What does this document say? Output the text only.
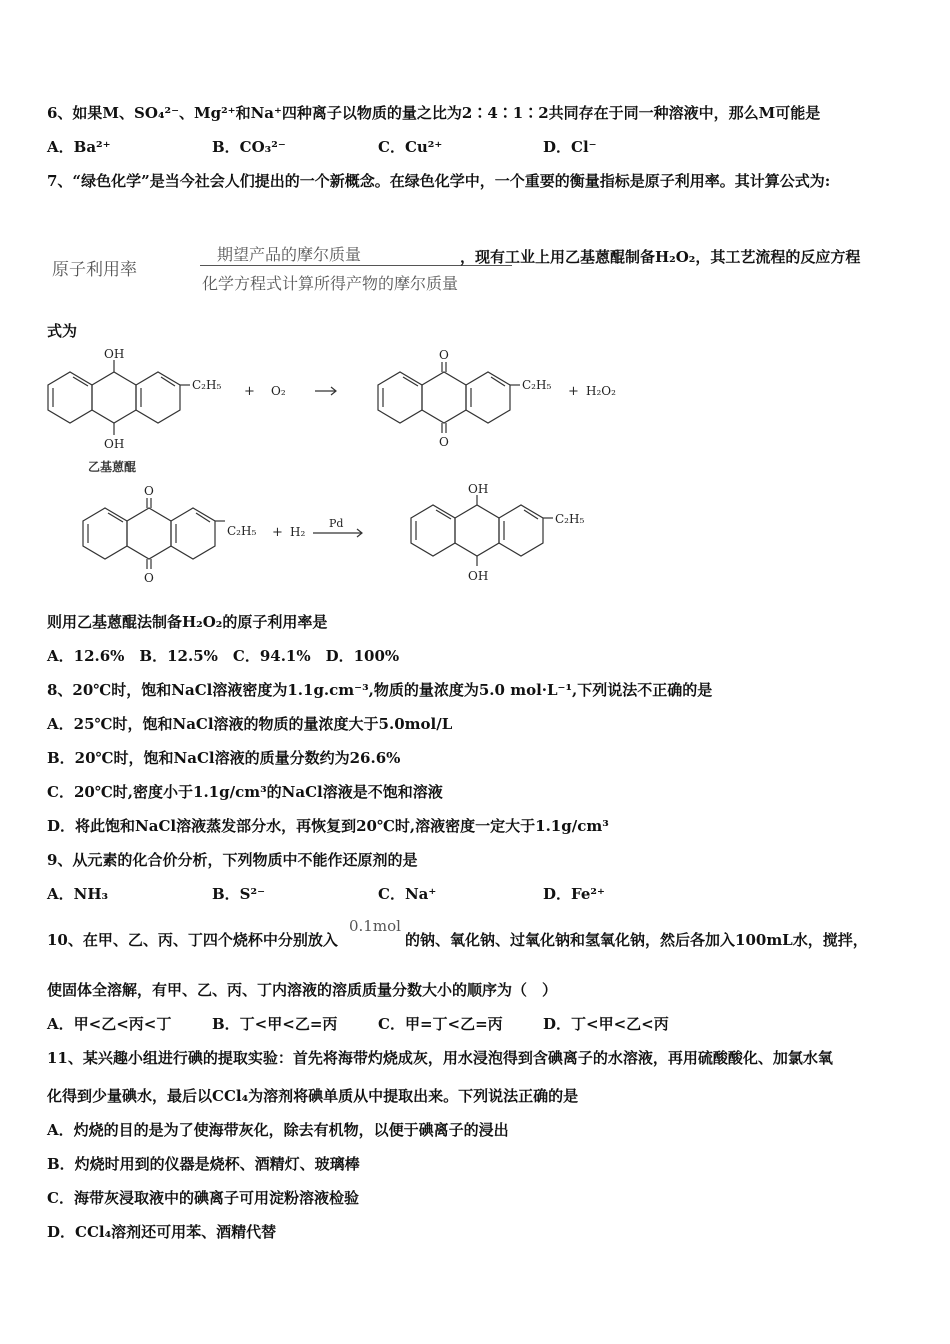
6、如果M、SO₄²⁻、Mg²⁺和Na⁺四种离子以物质的量之比为2∶4∶1∶2共同存在于同一种溶液中，那么M可能是
A．Ba²⁺	B．CO₃²⁻	C．Cu²⁺	D．Cl⁻
7、“绿色化学”是当今社会人们提出的一个新概念。在绿色化学中，一个重要的衡量指标是原子利用率。其计算公式为:
原子利用率
期望产品的摩尔质量
化学方程式计算所得产物的摩尔质量
，现有工业上用乙基蒽醌制备H₂O₂，其工艺流程的反应方程
式为
OH
OH
C₂H₅ + O₂
O
O
C₂H₅ + H₂O₂
乙基蒽醌
O
O
C₂H₅ + H₂
Pd
OH
OH
C₂H₅
则用乙基蒽醌法制备H₂O₂的原子利用率是
A．12.6%　B．12.5%　C．94.1%　D．100%
8、20℃时，饱和NaCl溶液密度为1.1g.cm⁻³,物质的量浓度为5.0 mol·L⁻¹,下列说法不正确的是
A．25℃时，饱和NaCl溶液的物质的量浓度大于5.0mol/L
B．20℃时，饱和NaCl溶液的质量分数约为26.6%
C．20℃时,密度小于1.1g/cm³的NaCl溶液是不饱和溶液
D．将此饱和NaCl溶液蒸发部分水，再恢复到20℃时,溶液密度一定大于1.1g/cm³
9、从元素的化合价分析，下列物质中不能作还原剂的是
A．NH₃	B．S²⁻	C．Na⁺	D．Fe²⁺
10、在甲、乙、丙、丁四个烧杯中分别放入
0.1mol
的钠、氧化钠、过氧化钠和氢氧化钠，然后各加入100mL水，搅拌，
使固体全溶解，有甲、乙、丙、丁内溶液的溶质质量分数大小的顺序为（　）
A．甲<乙<丙<丁	B．丁<甲<乙=丙	C．甲=丁<乙=丙	D．丁<甲<乙<丙
11、某兴趣小组进行碘的提取实验：首先将海带灼烧成灰，用水浸泡得到含碘离子的水溶液，再用硫酸酸化、加氯水氧
化得到少量碘水，最后以CCl₄为溶剂将碘单质从中提取出来。下列说法正确的是
A．灼烧的目的是为了使海带灰化，除去有机物，以便于碘离子的浸出
B．灼烧时用到的仪器是烧杯、酒精灯、玻璃棒
C．海带灰浸取液中的碘离子可用淀粉溶液检验
D．CCl₄溶剂还可用苯、酒精代替
